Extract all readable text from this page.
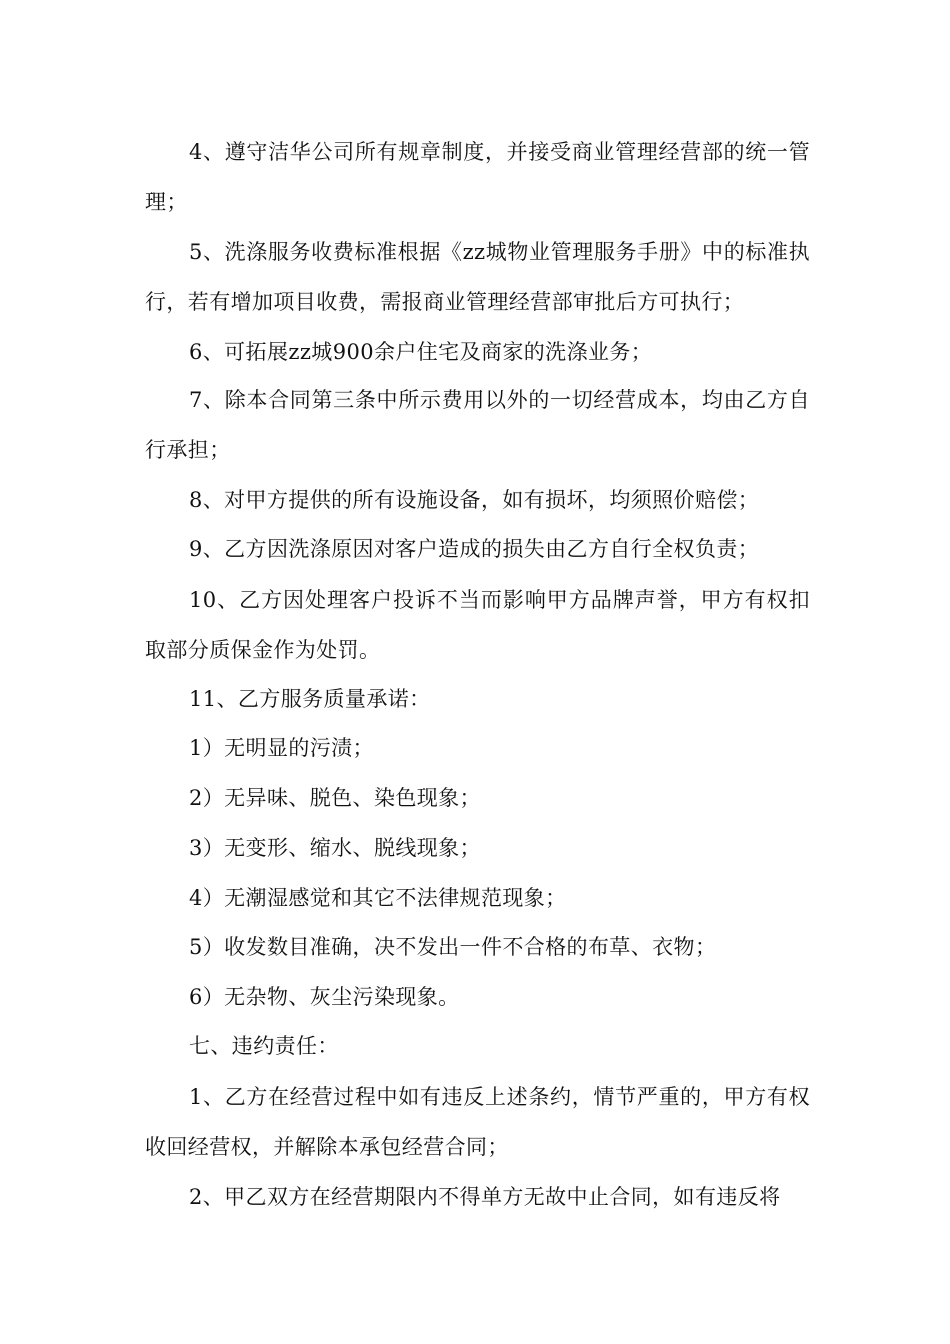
4、遵守洁华公司所有规章制度，并接受商业管理经营部的统一管理；

5、洗涤服务收费标准根据《zz城物业管理服务手册》中的标准执行，若有增加项目收费，需报商业管理经营部审批后方可执行；

6、可拓展zz城900余户住宅及商家的洗涤业务；

7、除本合同第三条中所示费用以外的一切经营成本，均由乙方自行承担；

8、对甲方提供的所有设施设备，如有损坏，均须照价赔偿；

9、乙方因洗涤原因对客户造成的损失由乙方自行全权负责；

10、乙方因处理客户投诉不当而影响甲方品牌声誉，甲方有权扣取部分质保金作为处罚。

11、乙方服务质量承诺：

1）无明显的污渍；

2）无异味、脱色、染色现象；

3）无变形、缩水、脱线现象；

4）无潮湿感觉和其它不法律规范现象；

5）收发数目准确，决不发出一件不合格的布草、衣物；

6）无杂物、灰尘污染现象。

七、违约责任：

1、乙方在经营过程中如有违反上述条约，情节严重的，甲方有权收回经营权，并解除本承包经营合同；

2、甲乙双方在经营期限内不得单方无故中止合同，如有违反将
